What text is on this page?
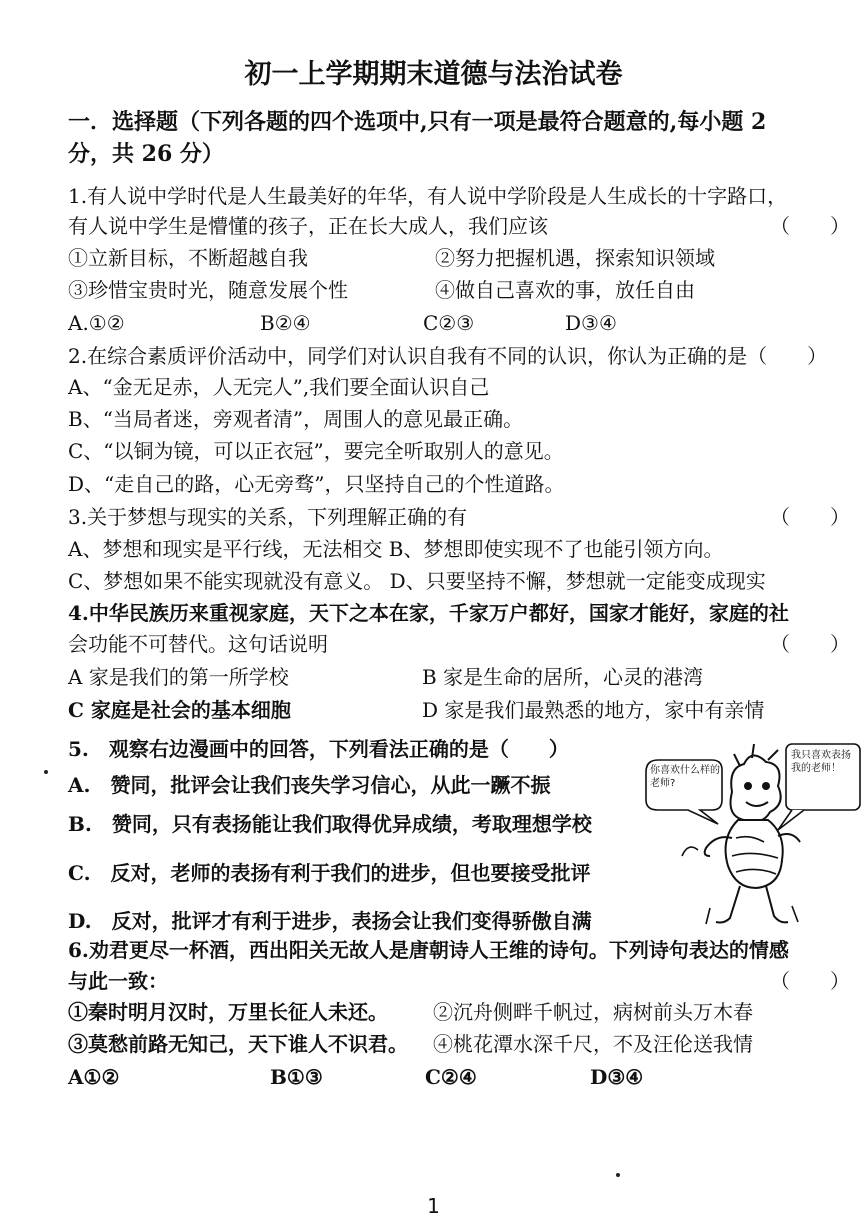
初一上学期期末道德与法治试卷
一．选择题（下列各题的四个选项中,只有一项是最符合题意的,每小题 2
分，共 26 分）
1.有人说中学时代是人生最美好的年华，有人说中学阶段是人生成长的十字路口，
有人说中学生是懵懂的孩子，正在长大成人，我们应该	（　　）
①立新目标，不断超越自我	②努力把握机遇，探索知识领域
③珍惜宝贵时光，随意发展个性	④做自己喜欢的事，放任自由
A.①②	B②④	C②③	D③④
2.在综合素质评价活动中，同学们对认识自我有不同的认识，你认为正确的是（　　）
A、“金无足赤，人无完人”,我们要全面认识自己
B、“当局者迷，旁观者清”，周围人的意见最正确。
C、“以铜为镜，可以正衣冠”，要完全听取别人的意见。
D、“走自己的路，心无旁骛”，只坚持自己的个性道路。
3.关于梦想与现实的关系，下列理解正确的有	（　　）
A、梦想和现实是平行线，无法相交 B、梦想即使实现不了也能引领方向。
C、梦想如果不能实现就没有意义。 D、只要坚持不懈，梦想就一定能变成现实
4.中华民族历来重视家庭，天下之本在家，千家万户都好，国家才能好，家庭的社
会功能不可替代。这句话说明	（　　）
A 家是我们的第一所学校	B 家是生命的居所，心灵的港湾
C 家庭是社会的基本细胞	D 家是我们最熟悉的地方，家中有亲情
5.　观察右边漫画中的回答，下列看法正确的是（　　）
A.　赞同，批评会让我们丧失学习信心，从此一蹶不振
B.　赞同，只有表扬能让我们取得优异成绩，考取理想学校
C.　反对，老师的表扬有利于我们的进步，但也要接受批评
D.　反对，批评才有利于进步，表扬会让我们变得骄傲自满
你喜欢什么样的老师?
我只喜欢表扬我的老师！
6.劝君更尽一杯酒，西出阳关无故人是唐朝诗人王维的诗句。下列诗句表达的情感
与此一致：	（　　）
①秦时明月汉时，万里长征人未还。 ②沉舟侧畔千帆过，病树前头万木春
③莫愁前路无知己，天下谁人不识君。 ④桃花潭水深千尺，不及汪伦送我情
A①②	B①③	C②④	D③④
1
